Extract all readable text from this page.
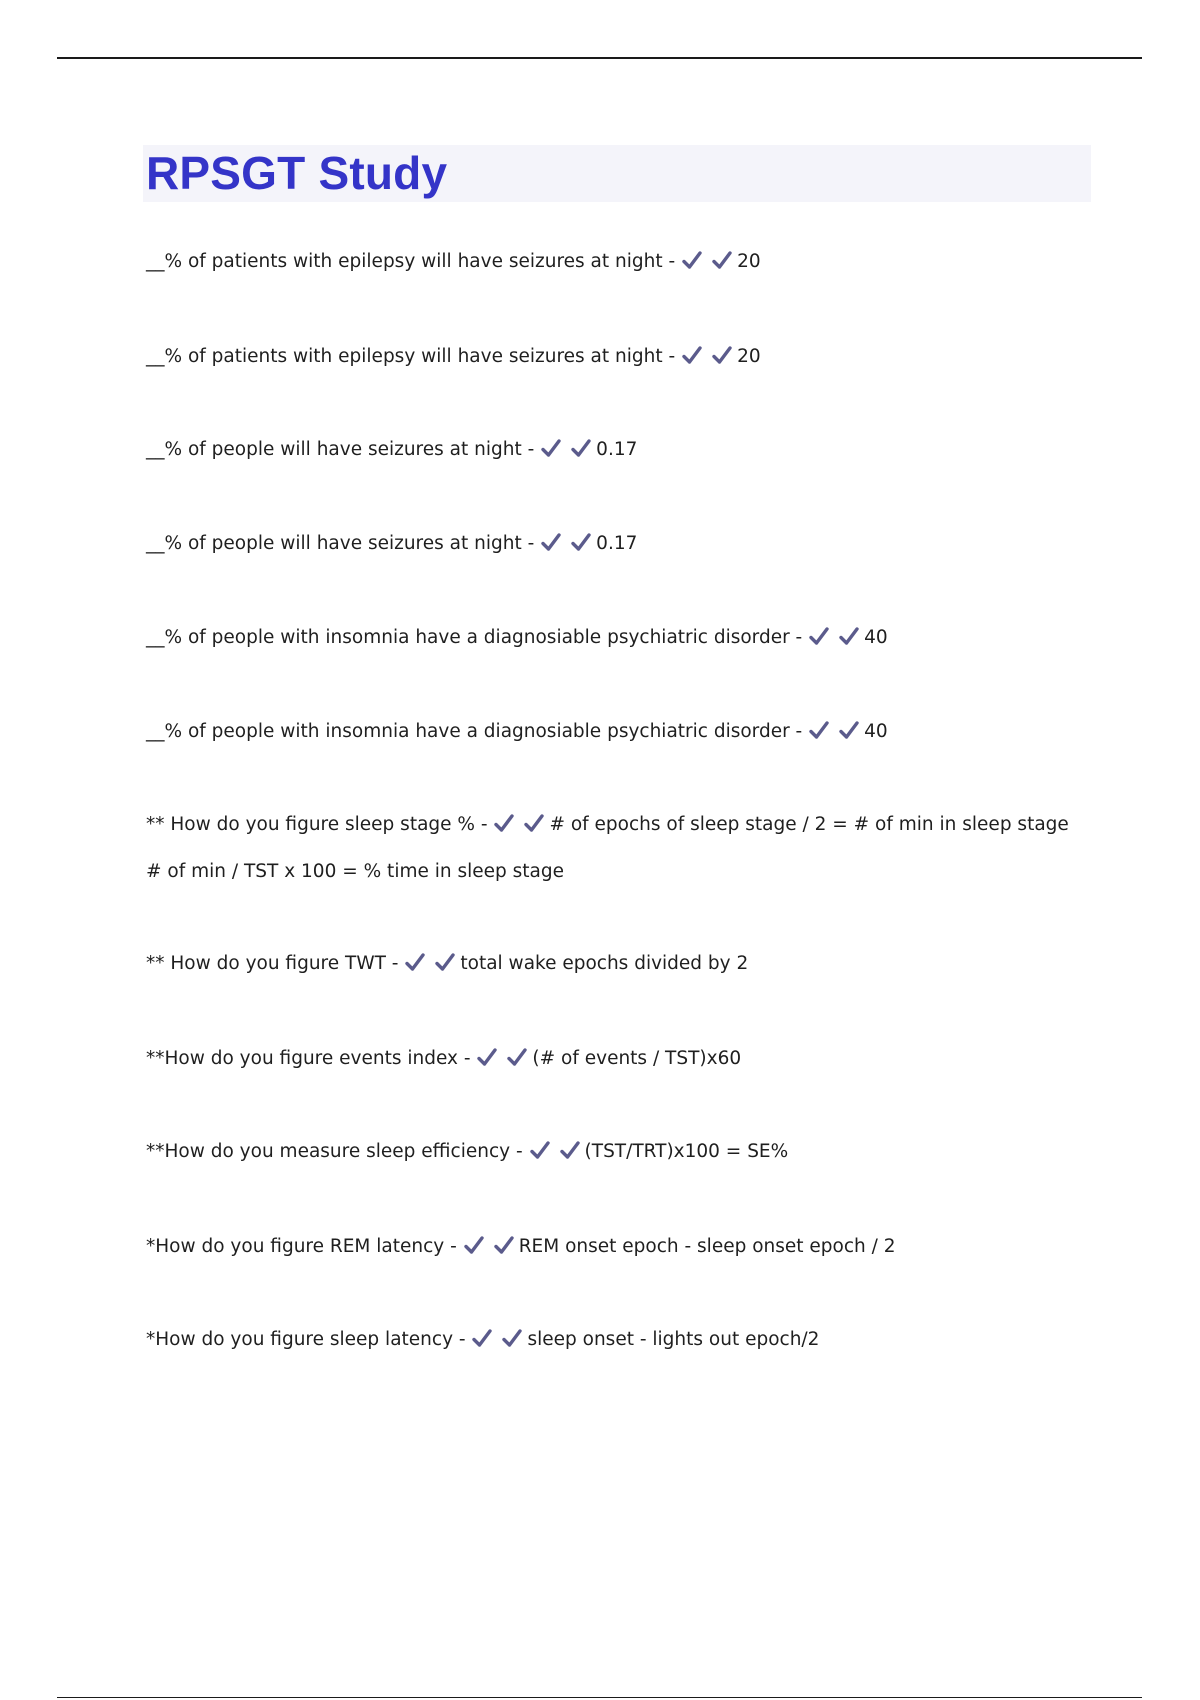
RPSGT Study

__% of patients with epilepsy will have seizures at night -	20

__% of patients with epilepsy will have seizures at night -	20

__% of people will have seizures at night -	0.17

__% of people will have seizures at night -	0.17

__% of people with insomnia have a diagnosiable psychiatric disorder -	40

__% of people with insomnia have a diagnosiable psychiatric disorder -	40

** How do you figure sleep stage % -	# of epochs of sleep stage / 2 = # of min in sleep stage
# of min / TST x 100 = % time in sleep stage

** How do you figure TWT -	total wake epochs divided by 2

**How do you figure events index -	(# of events / TST)x60

**How do you measure sleep efficiency -	(TST/TRT)x100 = SE%

*How do you figure REM latency -	REM onset epoch - sleep onset epoch / 2

*How do you figure sleep latency -	sleep onset - lights out epoch/2
